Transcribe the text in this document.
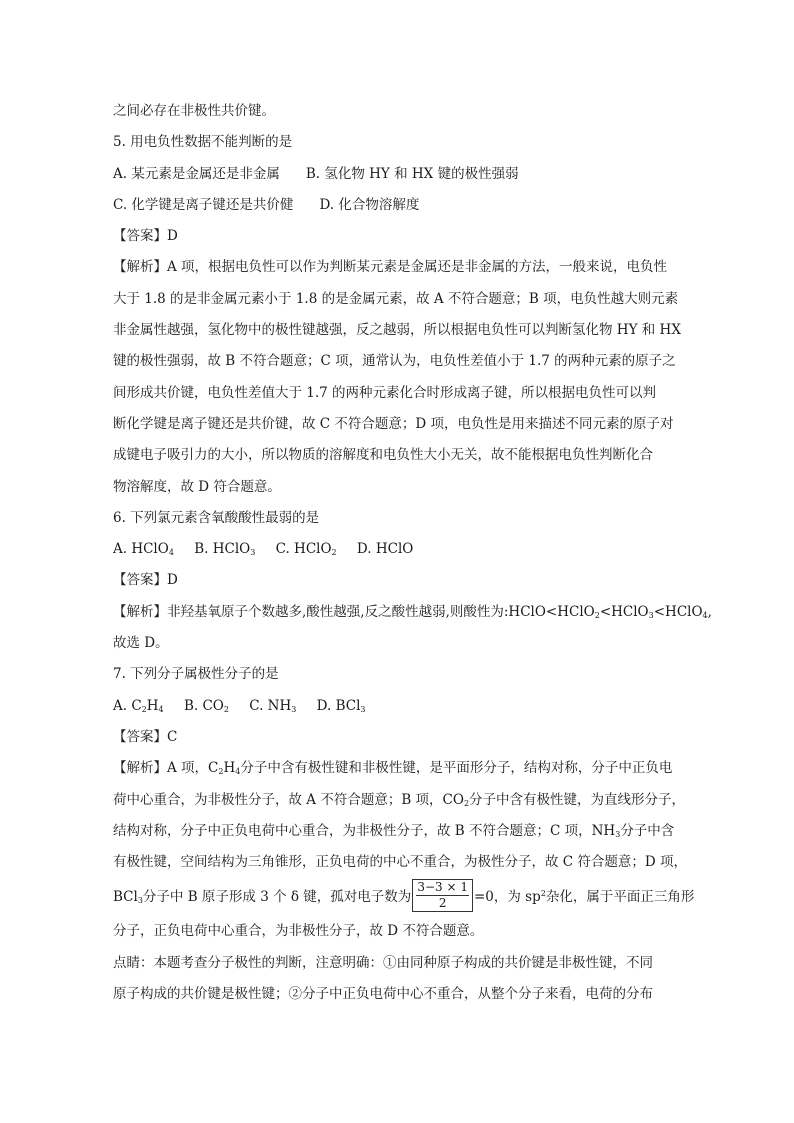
之间必存在非极性共价键。
5. 用电负性数据不能判断的是
A. 某元素是金属还是非金属 B. 氢化物 HY 和 HX 键的极性强弱
C. 化学键是离子键还是共价健 D. 化合物溶解度
【答案】D
【解析】A 项，根据电负性可以作为判断某元素是金属还是非金属的方法，一般来说，电负性
大于 1.8 的是非金属元素小于 1.8 的是金属元素，故 A 不符合题意；B 项，电负性越大则元素
非金属性越强，氢化物中的极性键越强，反之越弱，所以根据电负性可以判断氢化物 HY 和 HX
键的极性强弱，故 B 不符合题意；C 项，通常认为，电负性差值小于 1.7 的两种元素的原子之
间形成共价键，电负性差值大于 1.7 的两种元素化合时形成离子键，所以根据电负性可以判
断化学键是离子键还是共价键，故 C 不符合题意；D 项，电负性是用来描述不同元素的原子对
成键电子吸引力的大小，所以物质的溶解度和电负性大小无关，故不能根据电负性判断化合
物溶解度，故 D 符合题意。
6. 下列氯元素含氧酸酸性最弱的是
A. HClO$_4$ B. HClO$_3$ C. HClO$_2$ D. HClO
【答案】D
【解析】非羟基氧原子个数越多,酸性越强,反之酸性越弱,则酸性为:HClO<HClO$_2$<HClO$_3$<HClO$_4$,
故选 D。
7. 下列分子属极性分子的是
A. $C_2H_4$ B. $CO_2$ C. $NH_3$ D. BCl$_3$
【答案】C
【解析】A 项，$C_2H_4$分子中含有极性键和非极性键，是平面形分子，结构对称，分子中正负电
荷中心重合，为非极性分子，故 A 不符合题意；B 项，$CO_2$分子中含有极性键，为直线形分子，
结构对称，分子中正负电荷中心重合，为非极性分子，故 B 不符合题意；C 项，$NH_3$分子中含
有极性键，空间结构为三角锥形，正负电荷的中心不重合，为极性分子，故 C 符合题意；D 项，
BCl$_3$分子中 B 原子形成 3 个 δ 键，孤对电子数为 $\frac{3-3 \times 1}{2} =0$，为 $sp^2$杂化，属于平面正三角形
分子，正负电荷中心重合，为非极性分子，故 D 不符合题意。
点睛：本题考查分子极性的判断，注意明确：①由同种原子构成的共价键是非极性键，不同
原子构成的共价键是极性键；②分子中正负电荷中心不重合，从整个分子来看，电荷的分布
